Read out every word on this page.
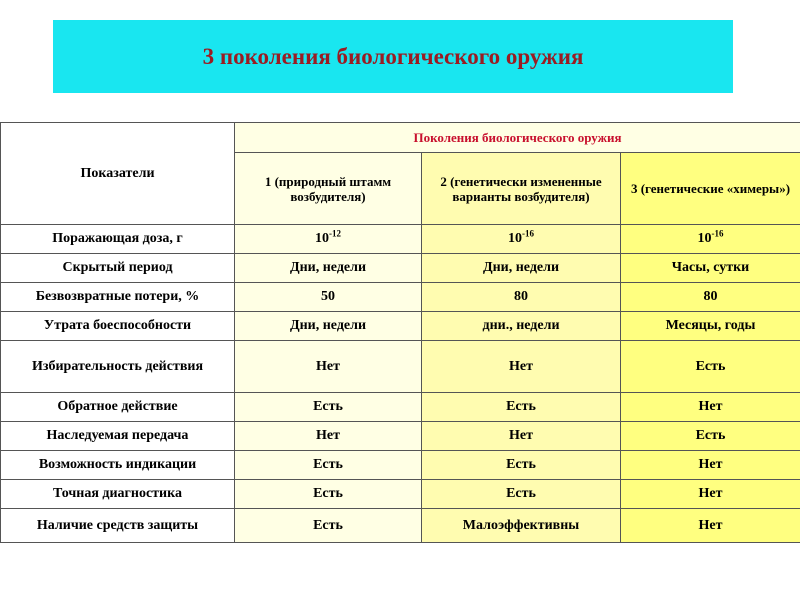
3 поколения биологического оружия
Показатели	Поколения биологического оружия		
	1 (природный штамм возбудителя)	2 (генетически измененные варианты возбудителя)	3 (генетические «химеры»)
Поражающая доза, г	$10^{-12}$	$10^{-16}$	$10^{-16}$
Скрытый период	Дни, недели	Дни, недели	Часы, сутки
Безвозвратные потери, %	50	80	80
Утрата боеспособности	Дни, недели	дни., недели	Месяцы, годы
Избирательность действия	Нет	Нет	Есть
Обратное действие	Есть	Есть	Нет
Наследуемая передача	Нет	Нет	Есть
Возможность индикации	Есть	Есть	Нет
Точная диагностика	Есть	Есть	Нет
Наличие средств защиты	Есть	Малоэффективны	Нет
